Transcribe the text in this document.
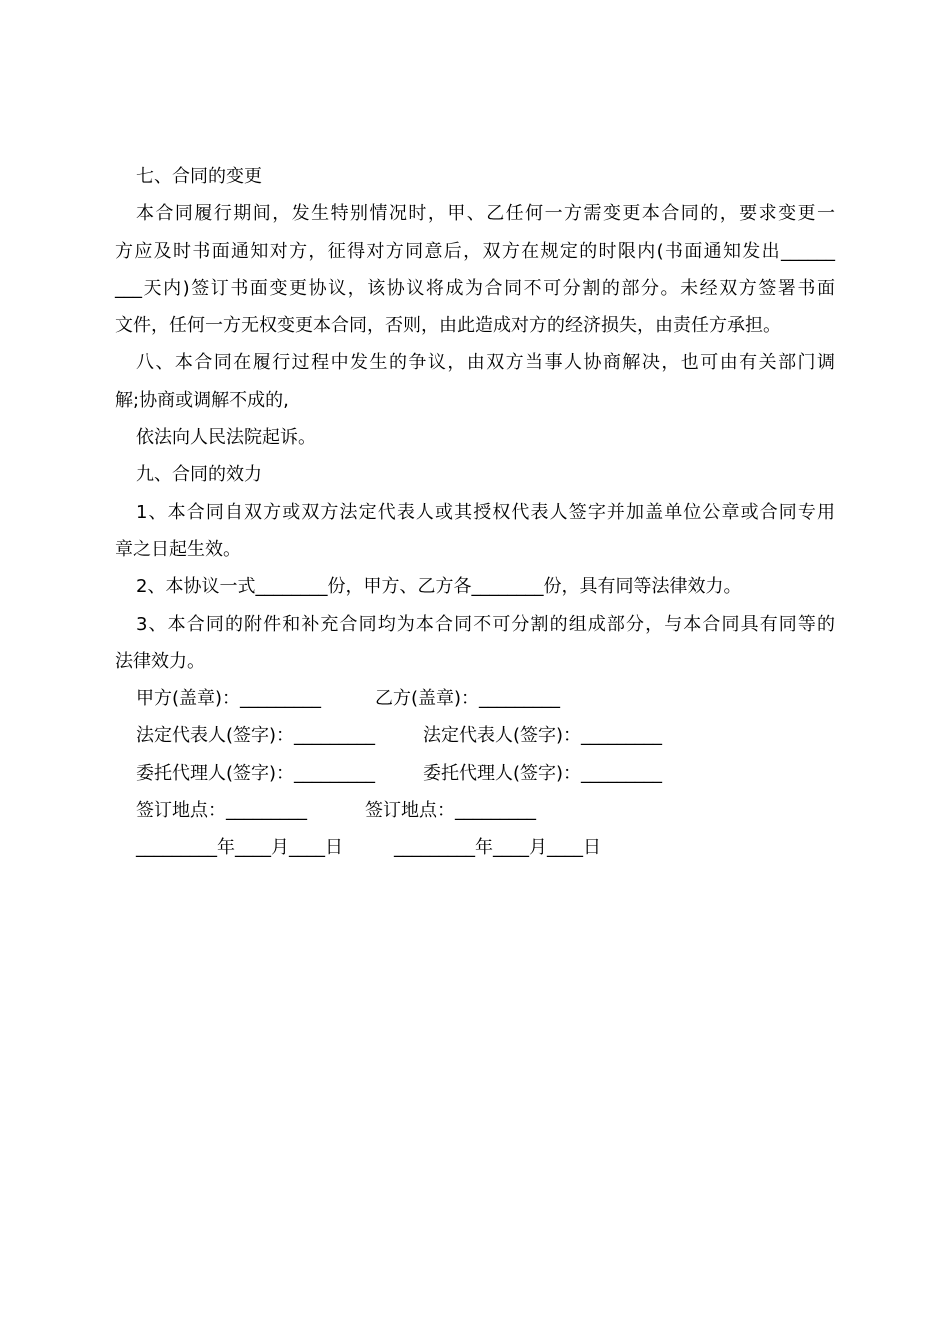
七、合同的变更
本合同履行期间，发生特别情况时，甲、乙任何一方需变更本合同的，要求变更一
方应及时书面通知对方，征得对方同意后，双方在规定的时限内(书面通知发出______
___天内)签订书面变更协议，该协议将成为合同不可分割的部分。未经双方签署书面
文件，任何一方无权变更本合同，否则，由此造成对方的经济损失，由责任方承担。
八、本合同在履行过程中发生的争议，由双方当事人协商解决，也可由有关部门调
解;协商或调解不成的,
依法向人民法院起诉。
九、合同的效力
1、本合同自双方或双方法定代表人或其授权代表人签字并加盖单位公章或合同专用
章之日起生效。
2、本协议一式________份，甲方、乙方各________份，具有同等法律效力。
3、本合同的附件和补充合同均为本合同不可分割的组成部分，与本合同具有同等的
法律效力。
甲方(盖章)：_________	乙方(盖章)：_________
法定代表人(签字)：_________	法定代表人(签字)：_________
委托代理人(签字)：_________	委托代理人(签字)：_________
签订地点：_________	签订地点：_________
_________年____月____日	_________年____月____日
